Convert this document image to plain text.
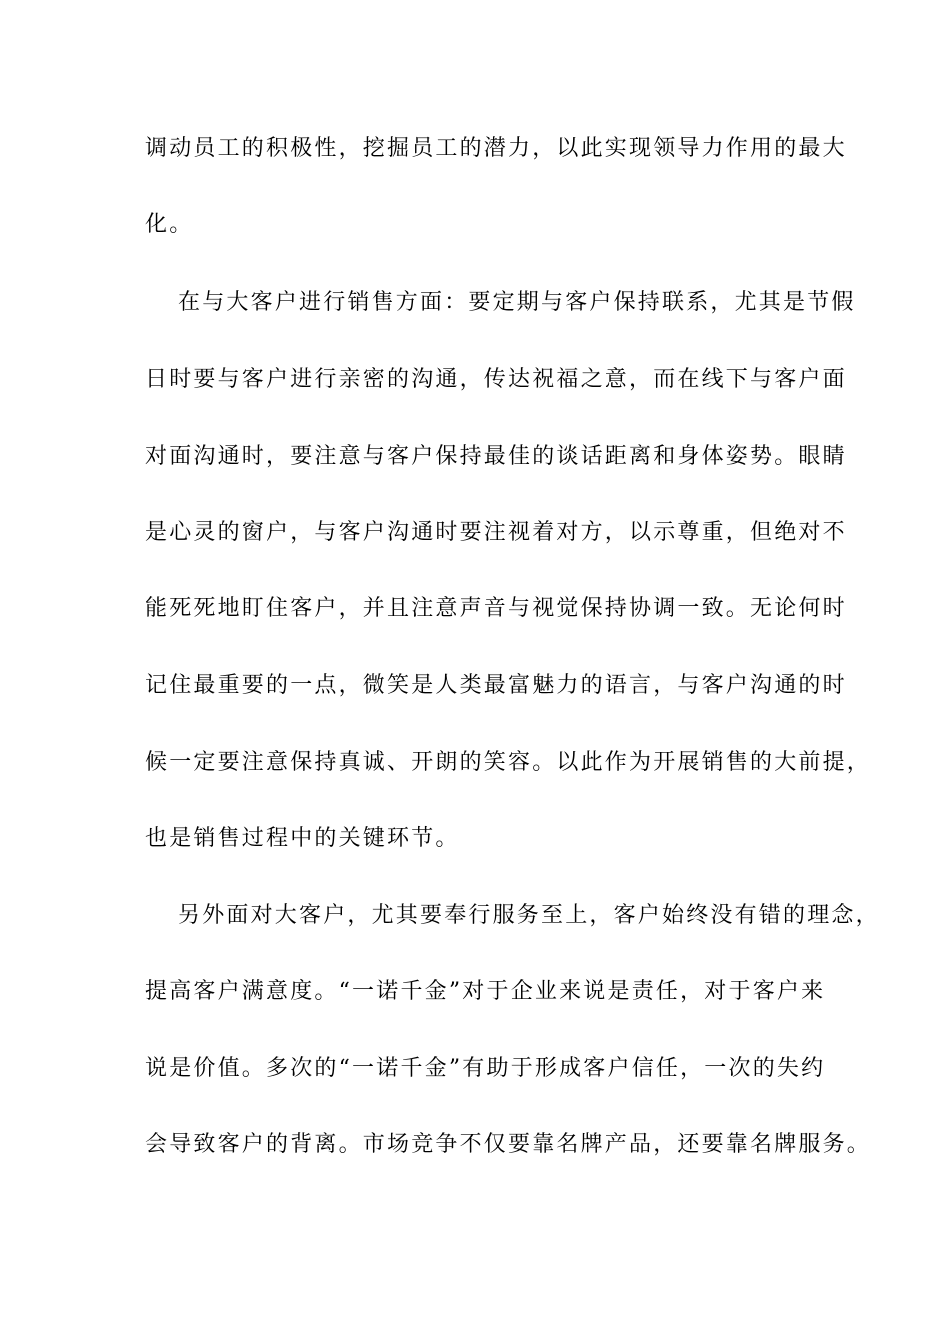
调动员工的积极性，挖掘员工的潜力，以此实现领导力作用的最大
化。
在与大客户进行销售方面：要定期与客户保持联系，尤其是节假
日时要与客户进行亲密的沟通，传达祝福之意，而在线下与客户面
对面沟通时，要注意与客户保持最佳的谈话距离和身体姿势。眼睛
是心灵的窗户，与客户沟通时要注视着对方，以示尊重，但绝对不
能死死地盯住客户，并且注意声音与视觉保持协调一致。无论何时
记住最重要的一点，微笑是人类最富魅力的语言，与客户沟通的时
候一定要注意保持真诚、开朗的笑容。以此作为开展销售的大前提，
也是销售过程中的关键环节。
另外面对大客户，尤其要奉行服务至上，客户始终没有错的理念，
提高客户满意度。“一诺千金”对于企业来说是责任，对于客户来
说是价值。多次的“一诺千金”有助于形成客户信任，一次的失约
会导致客户的背离。市场竞争不仅要靠名牌产品，还要靠名牌服务。
